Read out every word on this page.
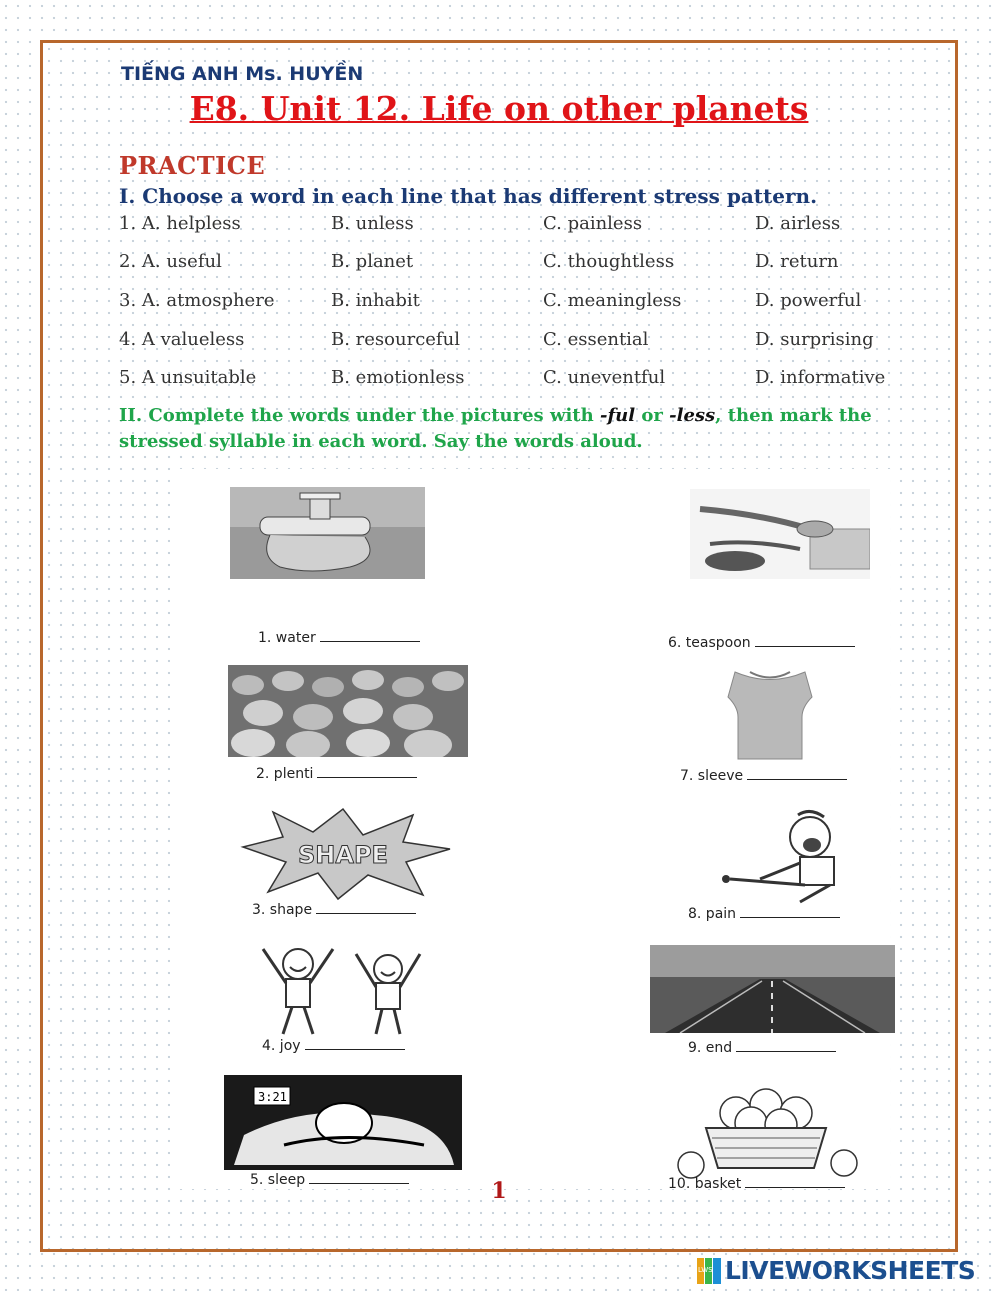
TIẾNG ANH Ms. HUYỀN
E8. Unit 12. Life on other planets
PRACTICE
I. Choose a word in each line that has different stress pattern.
1. A. helpless	B. unless	C. painless	D. airless
2. A. useful	B. planet	C. thoughtless	D. return
3. A. atmosphere	B. inhabit	C. meaningless	D. powerful
4. A valueless	B. resourceful	C. essential	D. surprising
5. A unsuitable	B. emotionless	C. uneventful	D. informative
II. Complete the words under the pictures with -ful or -less, then mark the stressed syllable in each word. Say the words aloud.
1. water
2. plenti
SHAPE
3. shape
4. joy
3:21
5. sleep
6. teaspoon
7. sleeve
8. pain
9. end
10. basket
1
LWS LIVEWORKSHEETS
